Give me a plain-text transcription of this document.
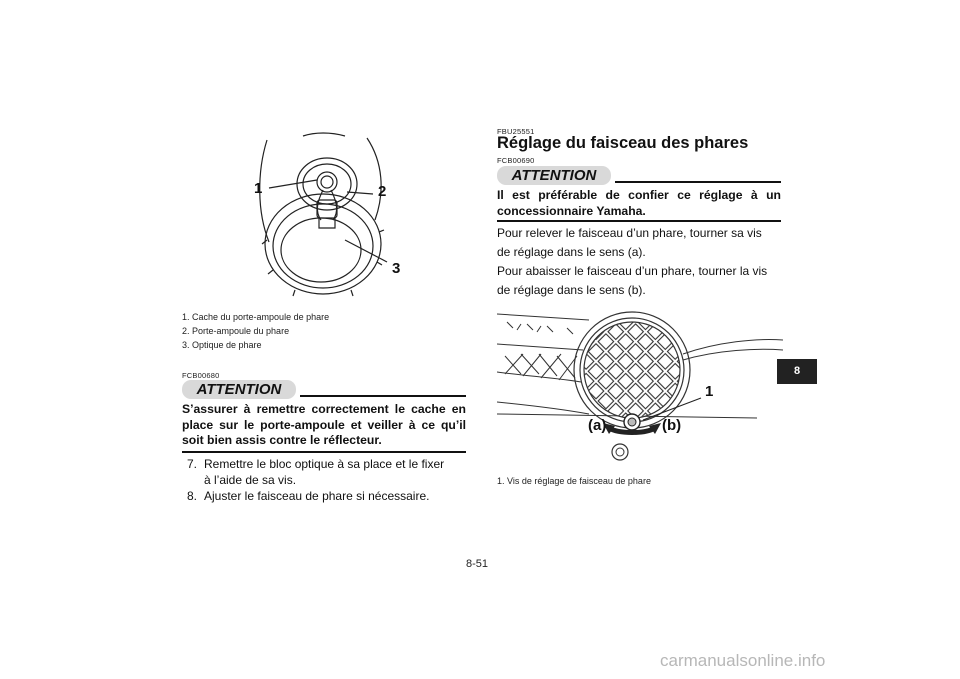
1	2
3
1. Cache du porte-ampoule de phare
2. Porte-ampoule du phare
3. Optique de phare
FCB00680
ATTENTION
S’assurer à remettre correctement le cache en place sur le porte-ampoule et veiller à ce qu’il soit bien assis contre le réflecteur.
7. Remettre le bloc optique à sa place et le fixer
à l’aide de sa vis.
8. Ajuster le faisceau de phare si nécessaire.
FBU25551
Réglage du faisceau des phares
FCB00690
ATTENTION
Il est préférable de confier ce réglage à un concessionnaire Yamaha.
Pour relever le faisceau d’un phare, tourner sa vis
de réglage dans le sens (a).
Pour abaisser le faisceau d’un phare, tourner la vis
de réglage dans le sens (b).
1
(a)	(b)
1. Vis de réglage de faisceau de phare
8
8-51
carmanualsonline.info
